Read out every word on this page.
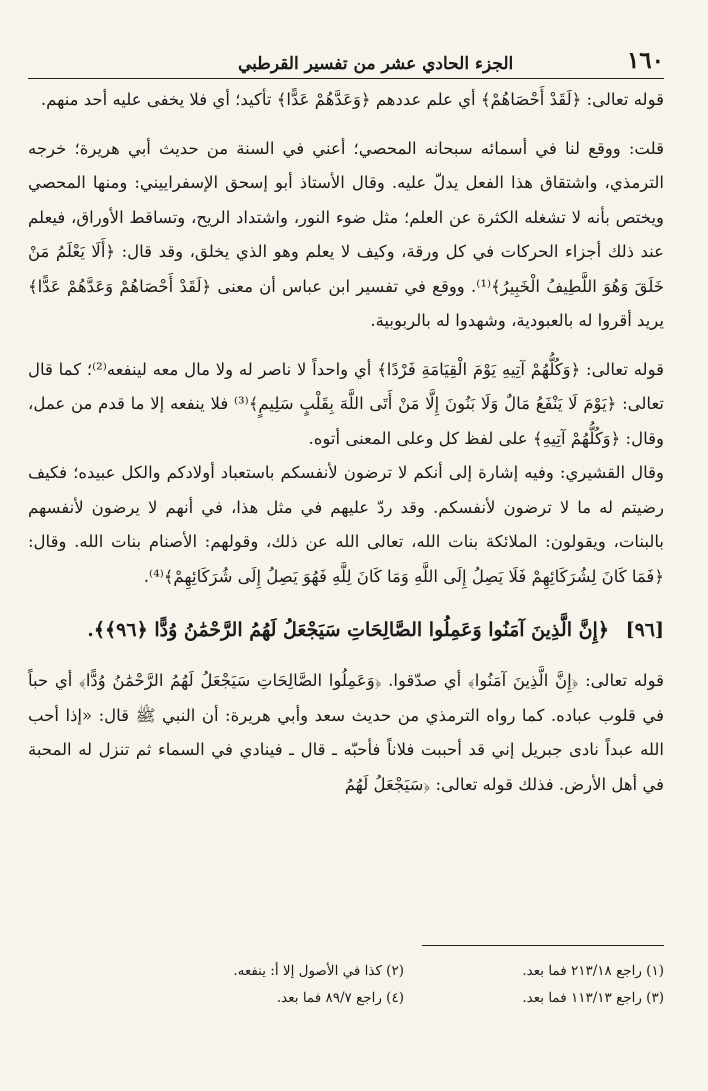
١٦٠
الجزء الحادي عشر من تفسير القرطبي

قوله تعالى: ﴿لَقَدْ أَحْصَاهُمْ﴾ أي علم عددهم ﴿وَعَدَّهُمْ عَدًّا﴾ تأكيد؛ أي فلا يخفى عليه أحد منهم.

قلت: ووقع لنا في أسمائه سبحانه المحصي؛ أعني في السنة من حديث أبي هريرة؛ خرجه الترمذي، واشتقاق هذا الفعل يدلّ عليه. وقال الأستاذ أبو إسحق الإسفراييني: ومنها المحصي ويختص بأنه لا تشغله الكثرة عن العلم؛ مثل ضوء النور، واشتداد الريح، وتساقط الأوراق، فيعلم عند ذلك أجزاء الحركات في كل ورقة، وكيف لا يعلم وهو الذي يخلق، وقد قال: ﴿أَلَا يَعْلَمُ مَنْ خَلَقَ وَهُوَ اللَّطِيفُ الْخَبِيرُ﴾⁽¹⁾. ووقع في تفسير ابن عباس أن معنى ﴿لَقَدْ أَحْصَاهُمْ وَعَدَّهُمْ عَدًّا﴾ يريد أقروا له بالعبودية، وشهدوا له بالربوبية.

قوله تعالى: ﴿وَكُلُّهُمْ آتِيهِ يَوْمَ الْقِيَامَةِ فَرْدًا﴾ أي واحداً لا ناصر له ولا مال معه لينفعه⁽²⁾؛ كما قال تعالى: ﴿يَوْمَ لَا يَنْفَعُ مَالٌ وَلَا بَنُونَ إِلَّا مَنْ أَتَى اللَّهَ بِقَلْبٍ سَلِيمٍ﴾⁽³⁾ فلا ينفعه إلا ما قدم من عمل، وقال: ﴿وَكُلُّهُمْ آتِيهِ﴾ على لفظ كل وعلى المعنى أتوه.

وقال القشيري: وفيه إشارة إلى أنكم لا ترضون لأنفسكم باستعباد أولادكم والكل عبيده؛ فكيف رضيتم له ما لا ترضون لأنفسكم. وقد ردّ عليهم في مثل هذا، في أنهم لا يرضون لأنفسهم بالبنات، ويقولون: الملائكة بنات الله، تعالى الله عن ذلك، وقولهم: الأصنام بنات الله. وقال: ﴿فَمَا كَانَ لِشُرَكَائِهِمْ فَلَا يَصِلُ إِلَى اللَّهِ وَمَا كَانَ لِلَّهِ فَهُوَ يَصِلُ إِلَى شُرَكَائِهِمْ﴾⁽⁴⁾.

[٩٦] ﴿إِنَّ الَّذِينَ آمَنُوا وَعَمِلُوا الصَّالِحَاتِ سَيَجْعَلُ لَهُمُ الرَّحْمَٰنُ وُدًّا ﴿٩٦﴾﴾.

قوله تعالى: ﴿إِنَّ الَّذِينَ آمَنُوا﴾ أي صدّقوا. ﴿وَعَمِلُوا الصَّالِحَاتِ سَيَجْعَلُ لَهُمُ الرَّحْمَٰنُ وُدًّا﴾ أي حباً في قلوب عباده. كما رواه الترمذي من حديث سعد وأبي هريرة: أن النبي ﷺ قال: «إذا أحب الله عبداً نادى جبريل إني قد أحببت فلاناً فأحبّه ـ قال ـ فينادي في السماء ثم تنزل له المحبة في أهل الأرض. فذلك قوله تعالى: ﴿سَيَجْعَلُ لَهُمُ

(١) راجع ٢١٣/١٨ فما بعد.
(٢) كذا في الأصول إلا أ: ينفعه.
(٣) راجع ١١٣/١٣ فما بعد.
(٤) راجع ٨٩/٧ فما بعد.
